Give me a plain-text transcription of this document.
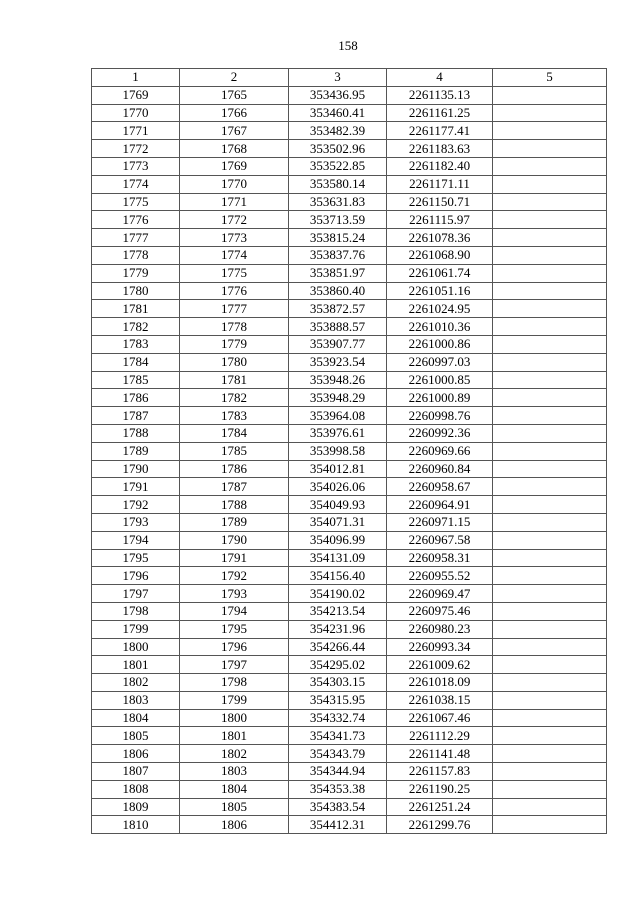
158
1	2	3	4	5
1769	1765	353436.95	2261135.13	
1770	1766	353460.41	2261161.25	
1771	1767	353482.39	2261177.41	
1772	1768	353502.96	2261183.63	
1773	1769	353522.85	2261182.40	
1774	1770	353580.14	2261171.11	
1775	1771	353631.83	2261150.71	
1776	1772	353713.59	2261115.97	
1777	1773	353815.24	2261078.36	
1778	1774	353837.76	2261068.90	
1779	1775	353851.97	2261061.74	
1780	1776	353860.40	2261051.16	
1781	1777	353872.57	2261024.95	
1782	1778	353888.57	2261010.36	
1783	1779	353907.77	2261000.86	
1784	1780	353923.54	2260997.03	
1785	1781	353948.26	2261000.85	
1786	1782	353948.29	2261000.89	
1787	1783	353964.08	2260998.76	
1788	1784	353976.61	2260992.36	
1789	1785	353998.58	2260969.66	
1790	1786	354012.81	2260960.84	
1791	1787	354026.06	2260958.67	
1792	1788	354049.93	2260964.91	
1793	1789	354071.31	2260971.15	
1794	1790	354096.99	2260967.58	
1795	1791	354131.09	2260958.31	
1796	1792	354156.40	2260955.52	
1797	1793	354190.02	2260969.47	
1798	1794	354213.54	2260975.46	
1799	1795	354231.96	2260980.23	
1800	1796	354266.44	2260993.34	
1801	1797	354295.02	2261009.62	
1802	1798	354303.15	2261018.09	
1803	1799	354315.95	2261038.15	
1804	1800	354332.74	2261067.46	
1805	1801	354341.73	2261112.29	
1806	1802	354343.79	2261141.48	
1807	1803	354344.94	2261157.83	
1808	1804	354353.38	2261190.25	
1809	1805	354383.54	2261251.24	
1810	1806	354412.31	2261299.76	
